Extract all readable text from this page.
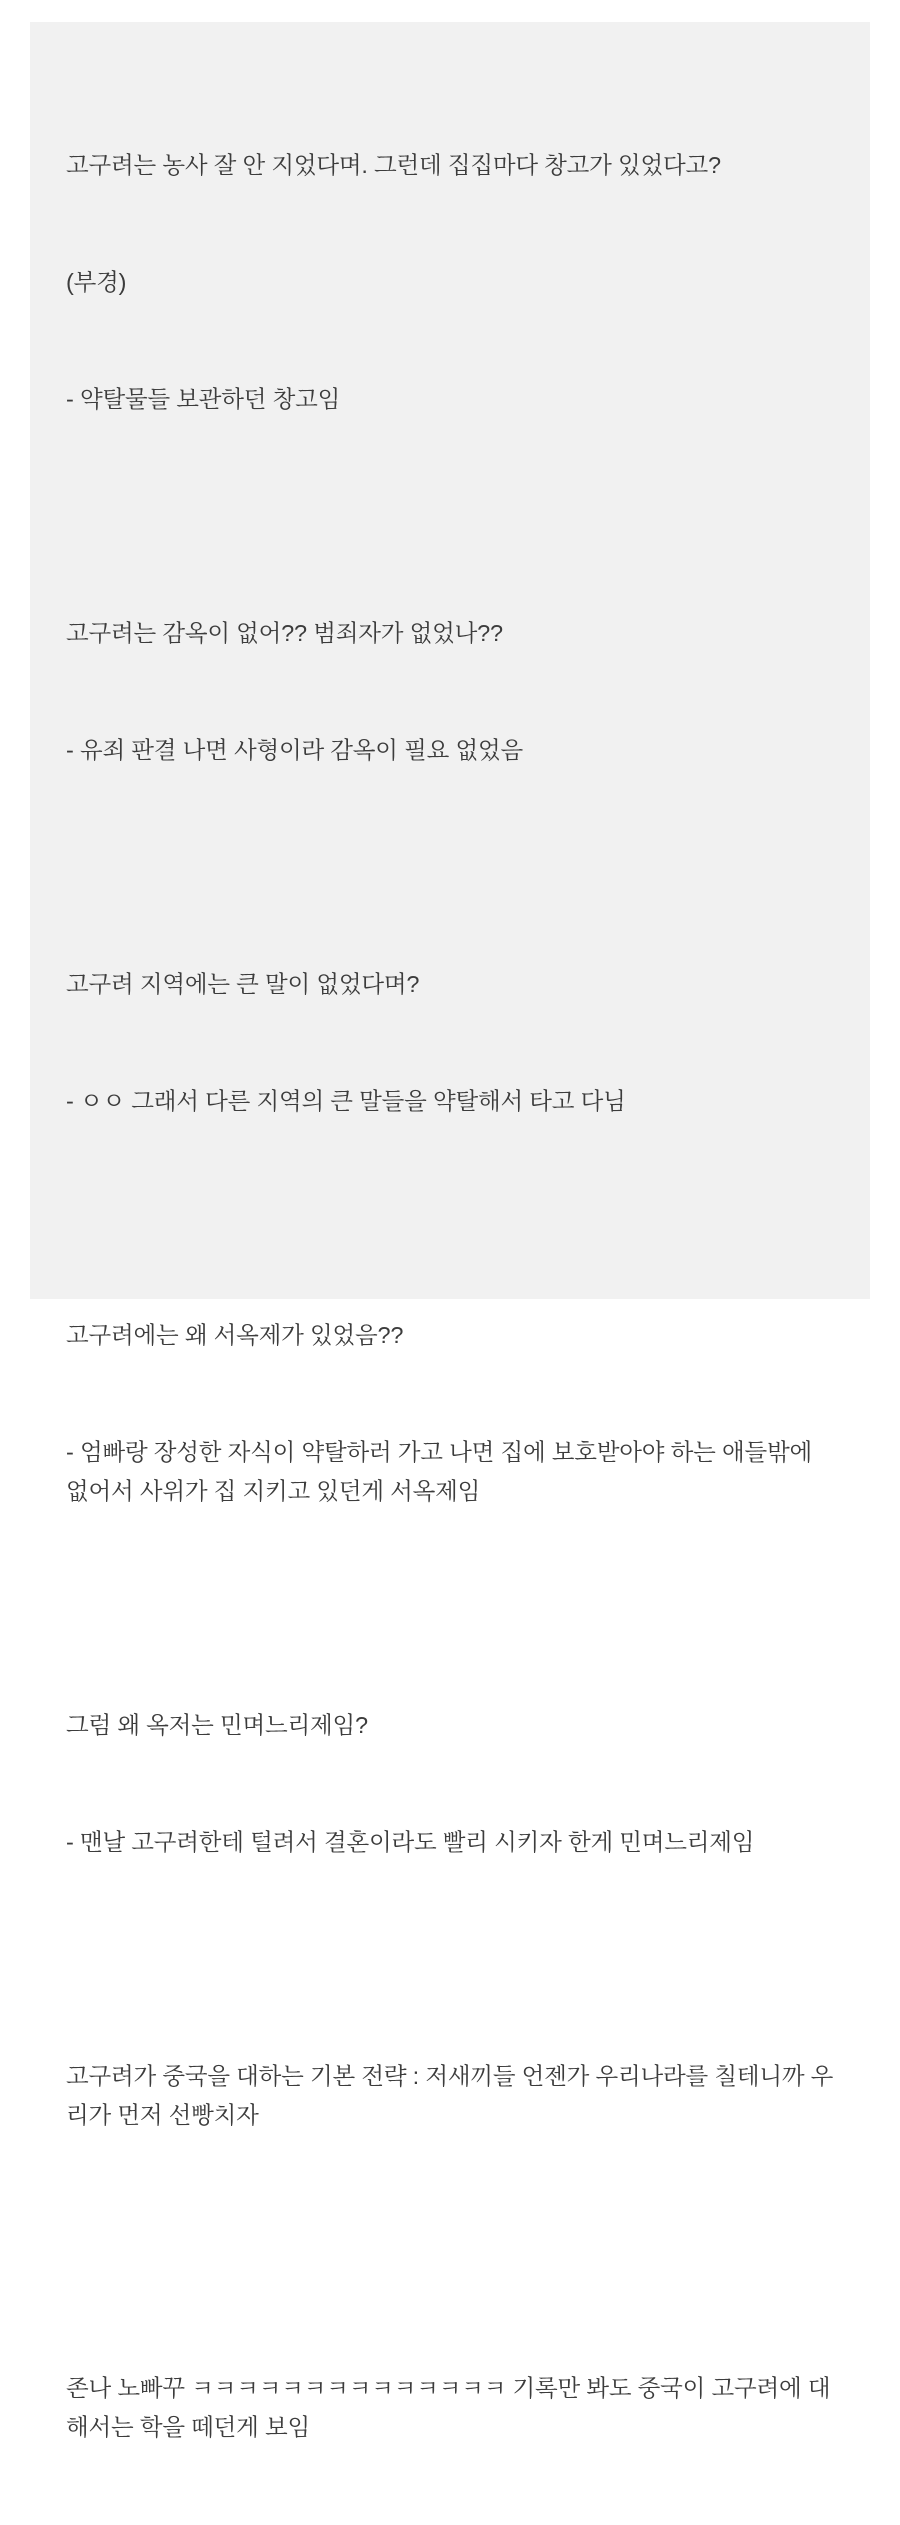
고구려는 농사 잘 안 지었다며. 그런데 집집마다 창고가 있었다고?

(부경)

- 약탈물들 보관하던 창고임

고구려는 감옥이 없어?? 범죄자가 없었나??

- 유죄 판결 나면 사형이라 감옥이 필요 없었음

고구려 지역에는 큰 말이 없었다며?

- ㅇㅇ 그래서 다른 지역의 큰 말들을 약탈해서 타고 다님

고구려에는 왜 서옥제가 있었음??

- 엄빠랑 장성한 자식이 약탈하러 가고 나면 집에 보호받아야 하는 애들밖에 없어서 사위가 집 지키고 있던게 서옥제임

그럼 왜 옥저는 민며느리제임?

- 맨날 고구려한테 털려서 결혼이라도 빨리 시키자 한게 민며느리제임

고구려가 중국을 대하는 기본 전략 : 저새끼들 언젠가 우리나라를 칠테니까 우리가 먼저 선빵치자

존나 노빠꾸 ㅋㅋㅋㅋㅋㅋㅋㅋㅋㅋㅋㅋㅋㅋ 기록만 봐도 중국이 고구려에 대해서는 학을 떼던게 보임
